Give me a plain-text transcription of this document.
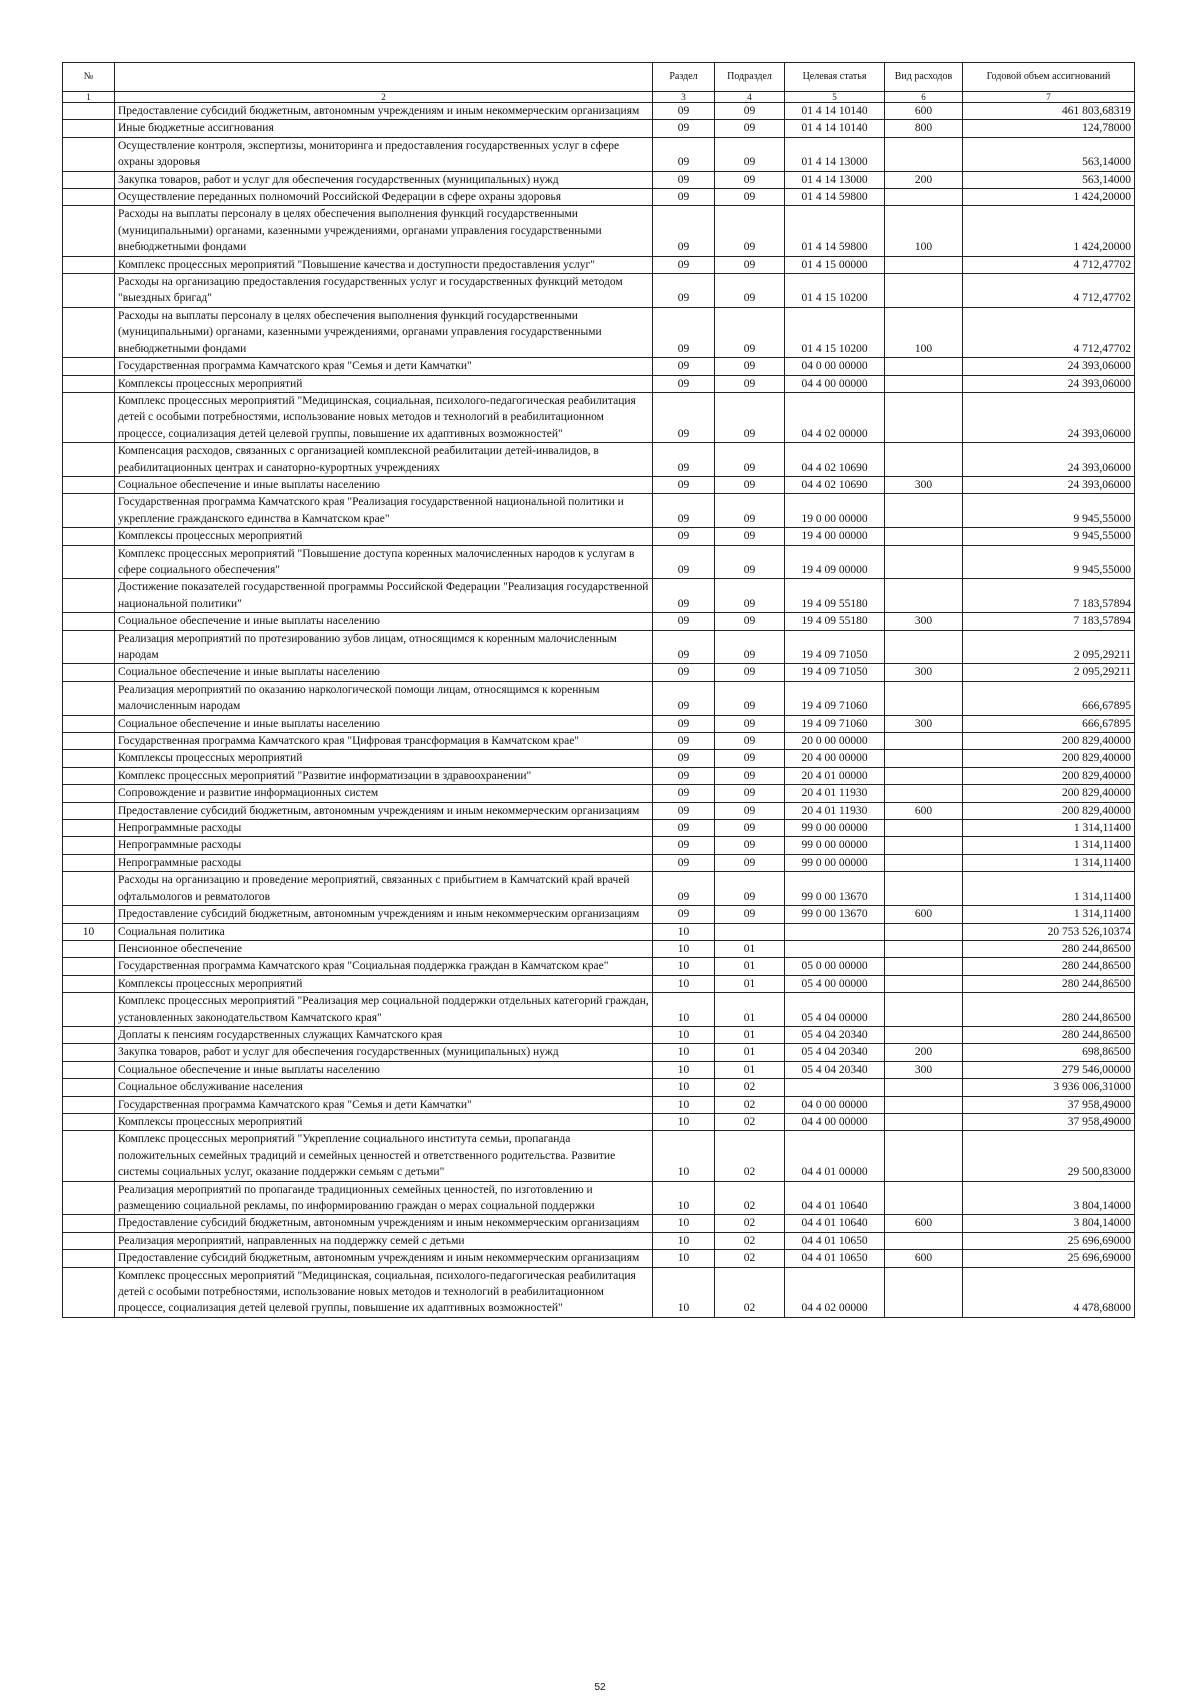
№		Раздел	Подраздел	Целевая статья	Вид расходов	Годовой объем ассигнований
1	2	3	4	5	6	7
	Предоставление субсидий бюджетным, автономным учреждениям и иным некоммерческим организациям	09	09	01 4 14 10140	600	461 803,68319
	Иные бюджетные ассигнования	09	09	01 4 14 10140	800	124,78000
	Осуществление контроля, экспертизы, мониторинга и предоставления государственных услуг в сфере охраны здоровья	09	09	01 4 14 13000		563,14000
	Закупка товаров, работ и услуг для обеспечения государственных (муниципальных) нужд	09	09	01 4 14 13000	200	563,14000
	Осуществление переданных полномочий Российской Федерации в сфере охраны здоровья	09	09	01 4 14 59800		1 424,20000
	Расходы на выплаты персоналу в целях обеспечения выполнения функций государственными (муниципальными) органами, казенными учреждениями, органами управления государственными внебюджетными фондами	09	09	01 4 14 59800	100	1 424,20000
	Комплекс процессных мероприятий "Повышение качества и доступности предоставления услуг"	09	09	01 4 15 00000		4 712,47702
	Расходы на организацию предоставления государственных услуг и государственных функций методом "выездных бригад"	09	09	01 4 15 10200		4 712,47702
	Расходы на выплаты персоналу в целях обеспечения выполнения функций государственными (муниципальными) органами, казенными учреждениями, органами управления государственными внебюджетными фондами	09	09	01 4 15 10200	100	4 712,47702
	Государственная программа Камчатского края "Семья и дети Камчатки"	09	09	04 0 00 00000		24 393,06000
	Комплексы процессных мероприятий	09	09	04 4 00 00000		24 393,06000
	Комплекс процессных мероприятий "Медицинская, социальная, психолого-педагогическая реабилитация детей с особыми потребностями, использование новых методов и технологий в реабилитационном процессе, социализация детей целевой группы, повышение их адаптивных возможностей"	09	09	04 4 02 00000		24 393,06000
	Компенсация расходов, связанных с организацией комплексной реабилитации детей-инвалидов, в реабилитационных центрах и санаторно-курортных учреждениях	09	09	04 4 02 10690		24 393,06000
	Социальное обеспечение и иные выплаты населению	09	09	04 4 02 10690	300	24 393,06000
	Государственная программа Камчатского края "Реализация государственной национальной политики и укрепление гражданского единства в Камчатском крае"	09	09	19 0 00 00000		9 945,55000
	Комплексы процессных мероприятий	09	09	19 4 00 00000		9 945,55000
	Комплекс процессных мероприятий "Повышение доступа коренных малочисленных народов к услугам в сфере социального обеспечения"	09	09	19 4 09 00000		9 945,55000
	Достижение показателей государственной программы Российской Федерации "Реализация государственной национальной политики"	09	09	19 4 09 55180		7 183,57894
	Социальное обеспечение и иные выплаты населению	09	09	19 4 09 55180	300	7 183,57894
	Реализация мероприятий по протезированию зубов лицам, относящимся к коренным малочисленным народам	09	09	19 4 09 71050		2 095,29211
	Социальное обеспечение и иные выплаты населению	09	09	19 4 09 71050	300	2 095,29211
	Реализация мероприятий по оказанию наркологической помощи лицам, относящимся к коренным малочисленным народам	09	09	19 4 09 71060		666,67895
	Социальное обеспечение и иные выплаты населению	09	09	19 4 09 71060	300	666,67895
	Государственная программа Камчатского края "Цифровая трансформация в Камчатском крае"	09	09	20 0 00 00000		200 829,40000
	Комплексы процессных мероприятий	09	09	20 4 00 00000		200 829,40000
	Комплекс процессных мероприятий "Развитие информатизации в здравоохранении"	09	09	20 4 01 00000		200 829,40000
	Сопровождение и развитие информационных систем	09	09	20 4 01 11930		200 829,40000
	Предоставление субсидий бюджетным, автономным учреждениям и иным некоммерческим организациям	09	09	20 4 01 11930	600	200 829,40000
	Непрограммные расходы	09	09	99 0 00 00000		1 314,11400
	Непрограммные расходы	09	09	99 0 00 00000		1 314,11400
	Непрограммные расходы	09	09	99 0 00 00000		1 314,11400
	Расходы на организацию и проведение мероприятий, связанных с прибытием в Камчатский край врачей офтальмологов и ревматологов	09	09	99 0 00 13670		1 314,11400
	Предоставление субсидий бюджетным, автономным учреждениям и иным некоммерческим организациям	09	09	99 0 00 13670	600	1 314,11400
10	Социальная политика	10				20 753 526,10374
	Пенсионное обеспечение	10	01			280 244,86500
	Государственная программа Камчатского края "Социальная поддержка граждан в Камчатском крае"	10	01	05 0 00 00000		280 244,86500
	Комплексы процессных мероприятий	10	01	05 4 00 00000		280 244,86500
	Комплекс процессных мероприятий "Реализация мер социальной поддержки отдельных категорий граждан, установленных законодательством Камчатского края"	10	01	05 4 04 00000		280 244,86500
	Доплаты к пенсиям государственных служащих Камчатского края	10	01	05 4 04 20340		280 244,86500
	Закупка товаров, работ и услуг для обеспечения государственных (муниципальных) нужд	10	01	05 4 04 20340	200	698,86500
	Социальное обеспечение и иные выплаты населению	10	01	05 4 04 20340	300	279 546,00000
	Социальное обслуживание населения	10	02			3 936 006,31000
	Государственная программа Камчатского края "Семья и дети Камчатки"	10	02	04 0 00 00000		37 958,49000
	Комплексы процессных мероприятий	10	02	04 4 00 00000		37 958,49000
	Комплекс процессных мероприятий "Укрепление социального института семьи, пропаганда положительных семейных традиций и семейных ценностей и ответственного родительства. Развитие системы социальных услуг, оказание поддержки семьям с детьми"	10	02	04 4 01 00000		29 500,83000
	Реализация мероприятий по пропаганде традиционных семейных ценностей, по изготовлению и размещению социальной рекламы, по информированию граждан о мерах социальной поддержки	10	02	04 4 01 10640		3 804,14000
	Предоставление субсидий бюджетным, автономным учреждениям и иным некоммерческим организациям	10	02	04 4 01 10640	600	3 804,14000
	Реализация мероприятий, направленных на поддержку семей с детьми	10	02	04 4 01 10650		25 696,69000
	Предоставление субсидий бюджетным, автономным учреждениям и иным некоммерческим организациям	10	02	04 4 01 10650	600	25 696,69000
	Комплекс процессных мероприятий "Медицинская, социальная, психолого-педагогическая реабилитация детей с особыми потребностями, использование новых методов и технологий в реабилитационном процессе, социализация детей целевой группы, повышение их адаптивных возможностей"	10	02	04 4 02 00000		4 478,68000
52
